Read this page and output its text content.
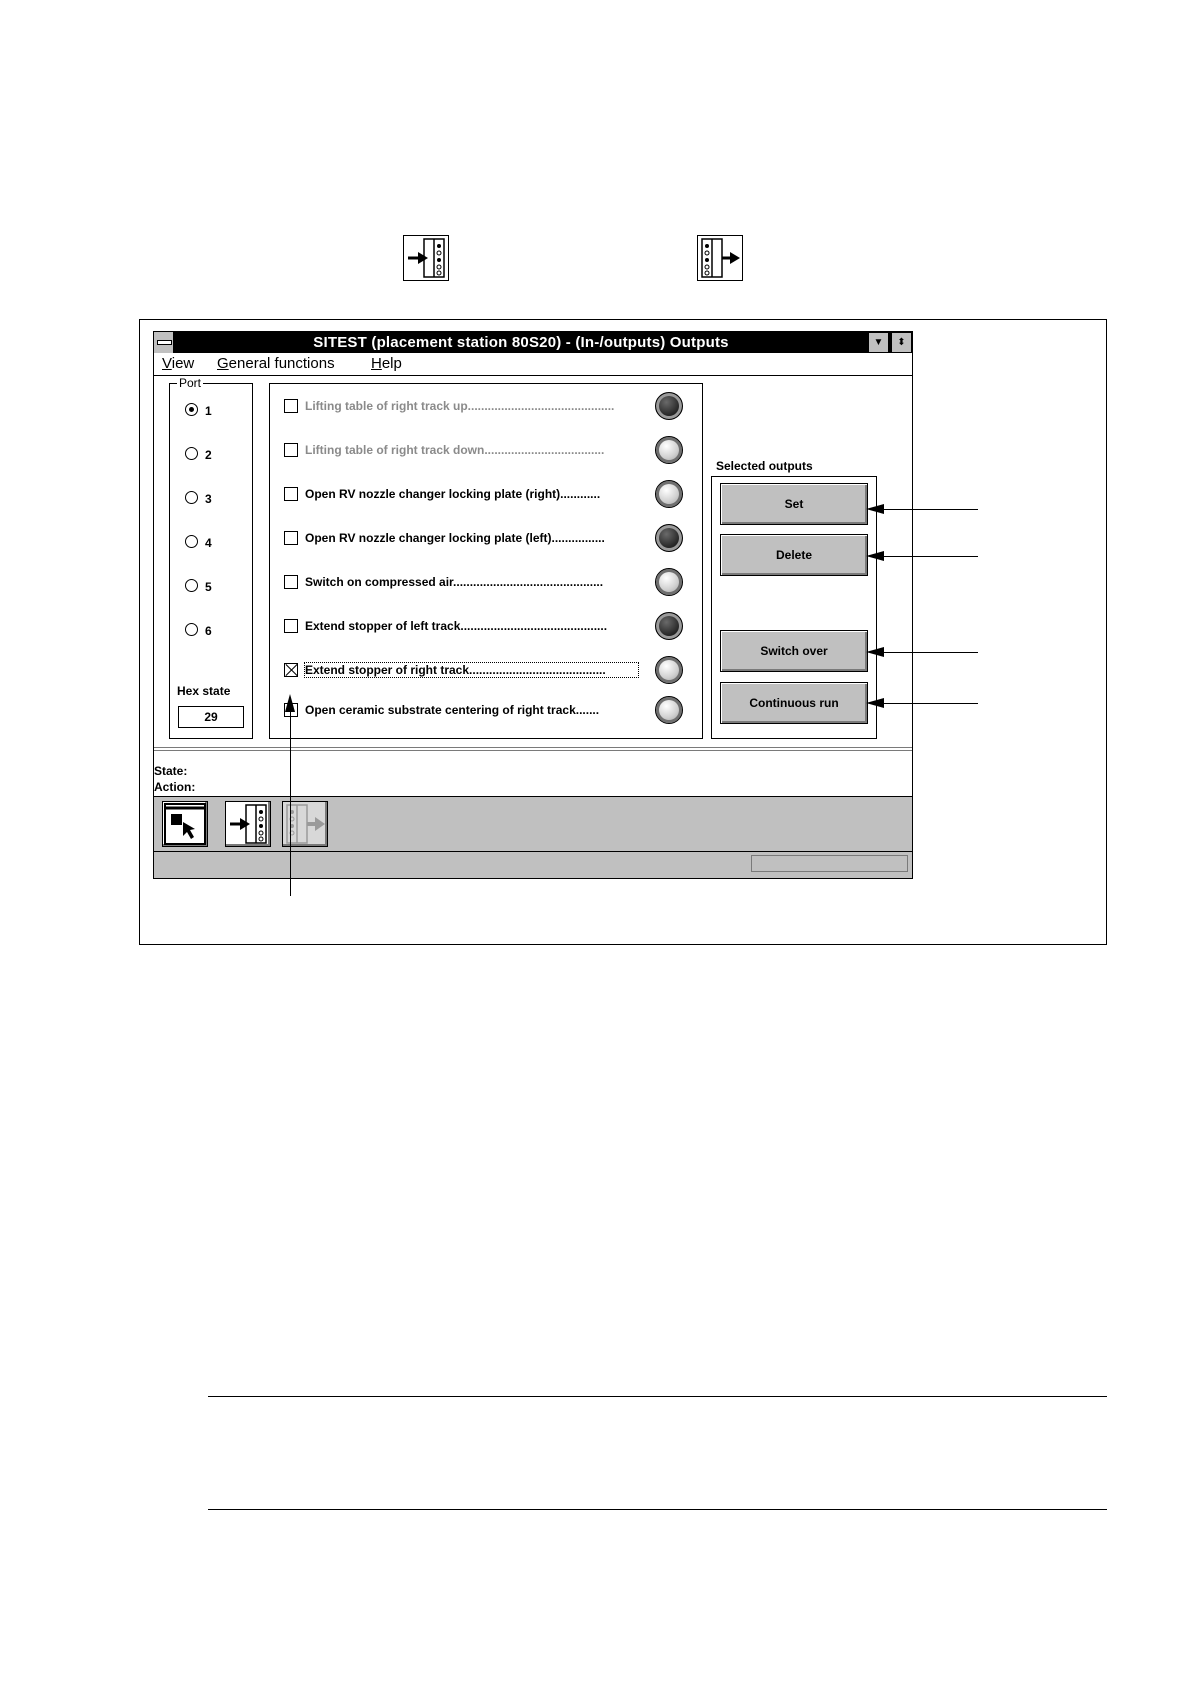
SITEST (placement station 80S20) - (In-/outputs) Outputs	▼	⬍
View General functions Help
Port
1
2
3
4
5
6
Hex state
29
Lifting table of right track up............................................
Lifting table of right track down....................................
Open RV nozzle changer locking plate (right)............
Open RV nozzle changer locking plate (left)................
Switch on compressed air.............................................
Extend stopper of left track............................................
Extend stopper of right track.........................................
Open ceramic substrate centering of right track.......
Selected outputs
Set
Delete
Switch over
Continuous run
State:
Action:
